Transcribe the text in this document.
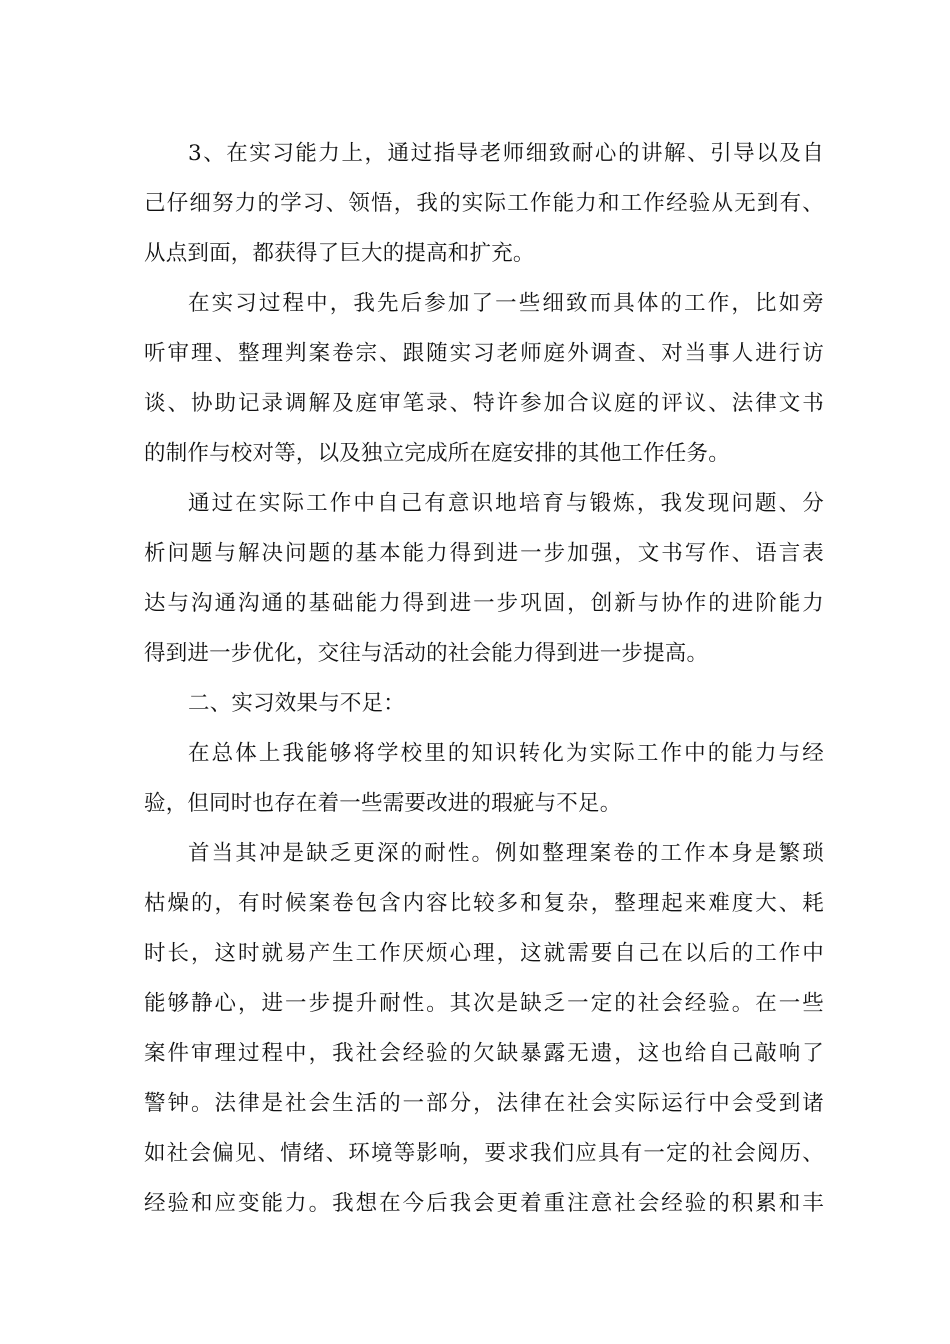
3、在实习能力上，通过指导老师细致耐心的讲解、引导以及自
己仔细努力的学习、领悟，我的实际工作能力和工作经验从无到有、
从点到面，都获得了巨大的提高和扩充。
在实习过程中，我先后参加了一些细致而具体的工作，比如旁
听审理、整理判案卷宗、跟随实习老师庭外调查、对当事人进行访
谈、协助记录调解及庭审笔录、特许参加合议庭的评议、法律文书
的制作与校对等，以及独立完成所在庭安排的其他工作任务。
通过在实际工作中自己有意识地培育与锻炼，我发现问题、分
析问题与解决问题的基本能力得到进一步加强，文书写作、语言表
达与沟通沟通的基础能力得到进一步巩固，创新与协作的进阶能力
得到进一步优化，交往与活动的社会能力得到进一步提高。
二、实习效果与不足：
在总体上我能够将学校里的知识转化为实际工作中的能力与经
验，但同时也存在着一些需要改进的瑕疵与不足。
首当其冲是缺乏更深的耐性。例如整理案卷的工作本身是繁琐
枯燥的，有时候案卷包含内容比较多和复杂，整理起来难度大、耗
时长，这时就易产生工作厌烦心理，这就需要自己在以后的工作中
能够静心，进一步提升耐性。其次是缺乏一定的社会经验。在一些
案件审理过程中，我社会经验的欠缺暴露无遗，这也给自己敲响了
警钟。法律是社会生活的一部分，法律在社会实际运行中会受到诸
如社会偏见、情绪、环境等影响，要求我们应具有一定的社会阅历、
经验和应变能力。我想在今后我会更着重注意社会经验的积累和丰
